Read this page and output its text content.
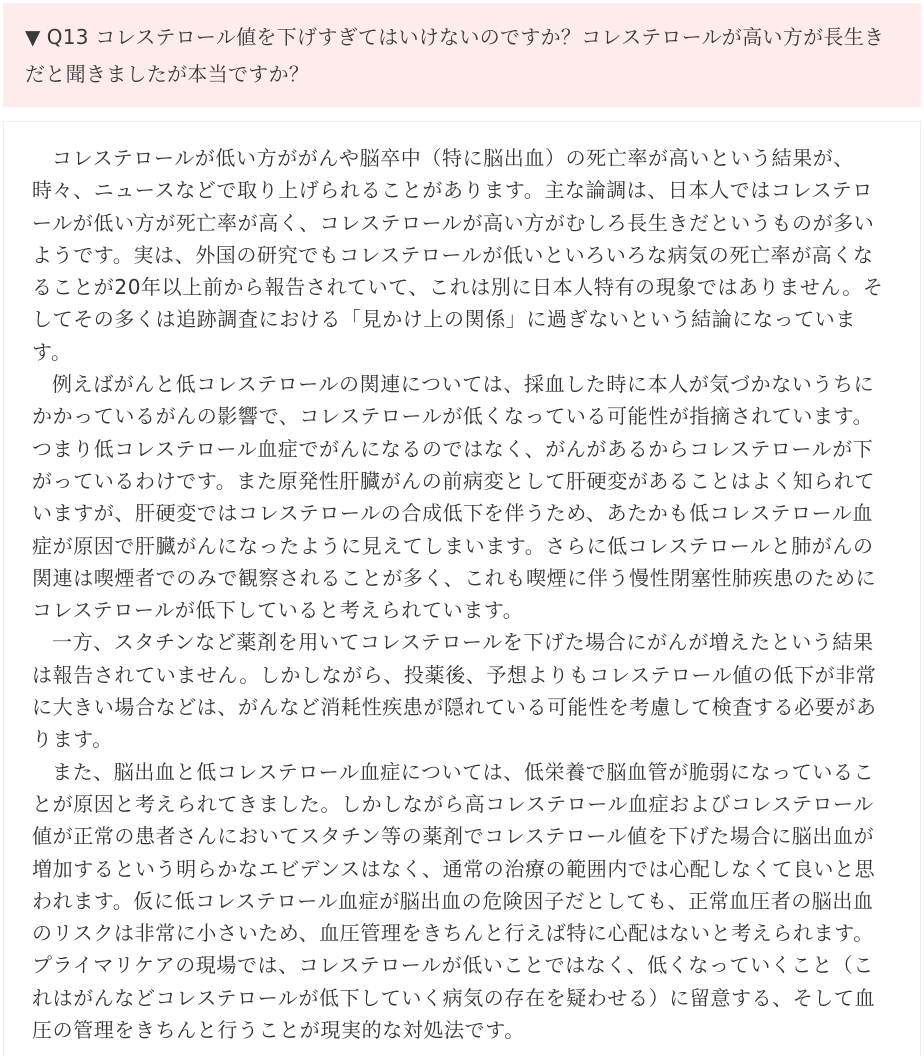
▼ Q13 コレステロール値を下げすぎてはいけないのですか？コレステロールが高い方が長生きだと聞きましたが本当ですか？

コレステロールが低い方ががんや脳卒中（特に脳出血）の死亡率が高いという結果が、時々、ニュースなどで取り上げられることがあります。主な論調は、日本人ではコレステロールが低い方が死亡率が高く、コレステロールが高い方がむしろ長生きだというものが多いようです。実は、外国の研究でもコレステロールが低いといろいろな病気の死亡率が高くなることが20年以上前から報告されていて、これは別に日本人特有の現象ではありません。そしてその多くは追跡調査における「見かけ上の関係」に過ぎないという結論になっています。

例えばがんと低コレステロールの関連については、採血した時に本人が気づかないうちにかかっているがんの影響で、コレステロールが低くなっている可能性が指摘されています。つまり低コレステロール血症でがんになるのではなく、がんがあるからコレステロールが下がっているわけです。また原発性肝臓がんの前病変として肝硬変があることはよく知られていますが、肝硬変ではコレステロールの合成低下を伴うため、あたかも低コレステロール血症が原因で肝臓がんになったように見えてしまいます。さらに低コレステロールと肺がんの関連は喫煙者でのみで観察されることが多く、これも喫煙に伴う慢性閉塞性肺疾患のためにコレステロールが低下していると考えられています。

一方、スタチンなど薬剤を用いてコレステロールを下げた場合にがんが増えたという結果は報告されていません。しかしながら、投薬後、予想よりもコレステロール値の低下が非常に大きい場合などは、がんなど消耗性疾患が隠れている可能性を考慮して検査する必要があります。

また、脳出血と低コレステロール血症については、低栄養で脳血管が脆弱になっていることが原因と考えられてきました。しかしながら高コレステロール血症およびコレステロール値が正常の患者さんにおいてスタチン等の薬剤でコレステロール値を下げた場合に脳出血が増加するという明らかなエビデンスはなく、通常の治療の範囲内では心配しなくて良いと思われます。仮に低コレステロール血症が脳出血の危険因子だとしても、正常血圧者の脳出血のリスクは非常に小さいため、血圧管理をきちんと行えば特に心配はないと考えられます。プライマリケアの現場では、コレステロールが低いことではなく、低くなっていくこと（これはがんなどコレステロールが低下していく病気の存在を疑わせる）に留意する、そして血圧の管理をきちんと行うことが現実的な対処法です。
